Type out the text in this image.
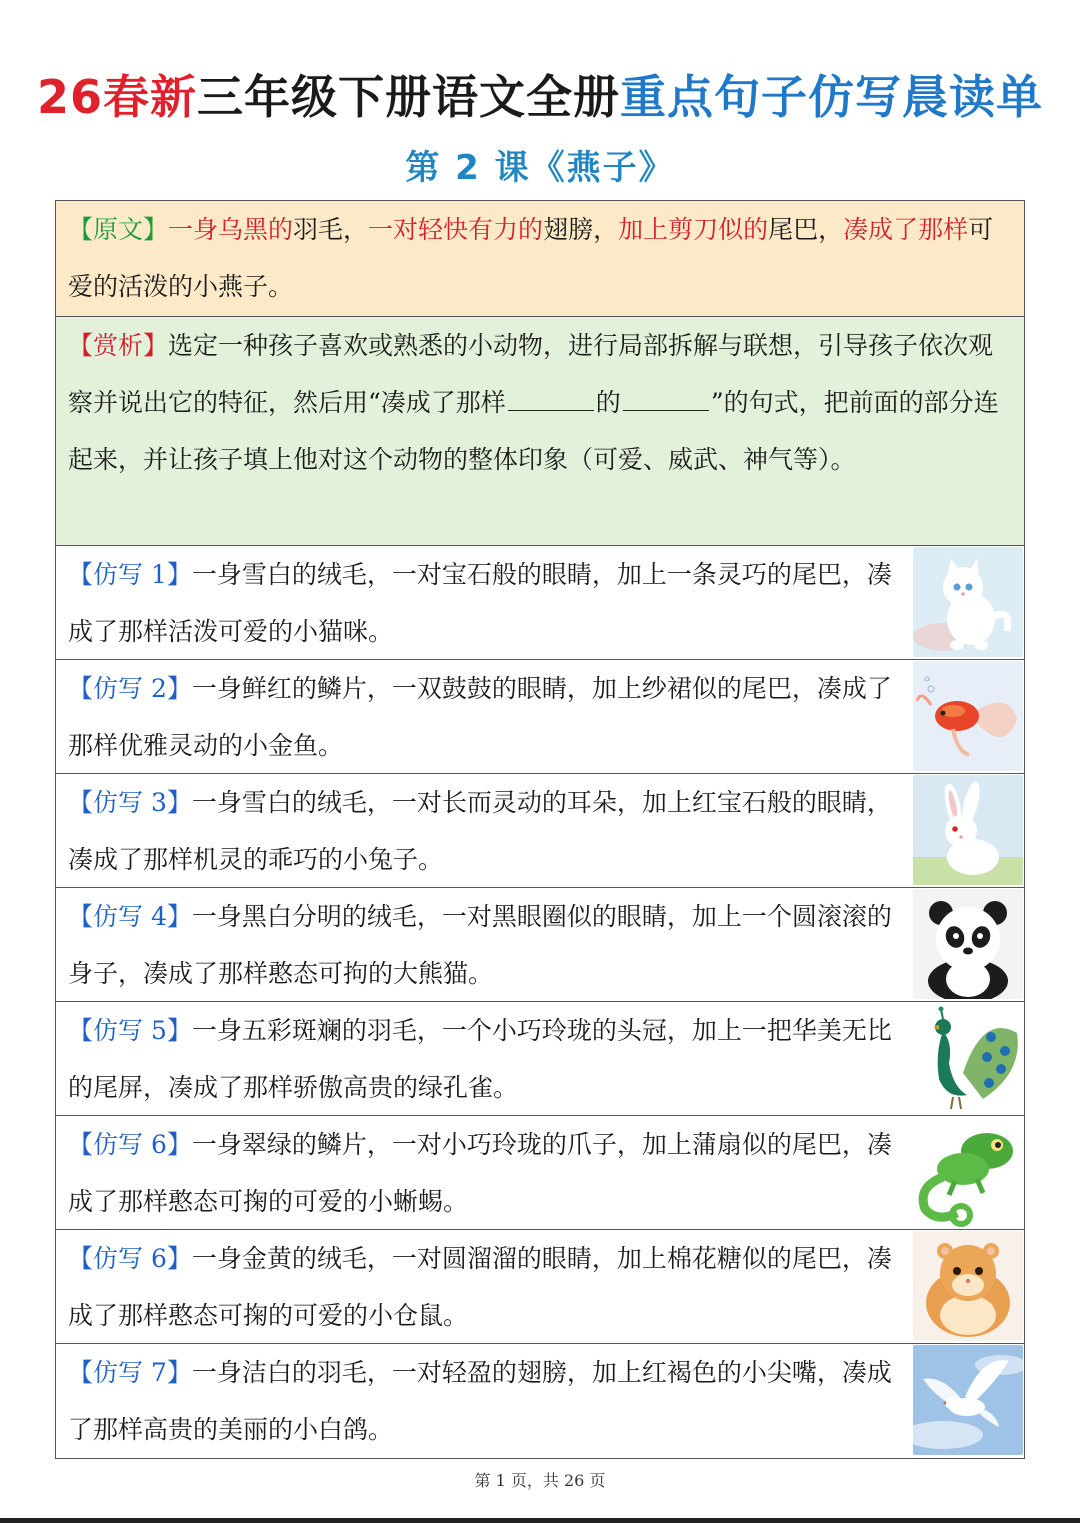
26春新三年级下册语文全册重点句子仿写晨读单
第 2 课《燕子》
【原文】一身乌黑的羽毛，一对轻快有力的翅膀，加上剪刀似的尾巴，凑成了那样可爱的活泼的小燕子。
【赏析】选定一种孩子喜欢或熟悉的小动物，进行局部拆解与联想，引导孩子依次观察并说出它的特征，然后用“凑成了那样	的	”的句式，把前面的部分连起来，并让孩子填上他对这个动物的整体印象（可爱、威武、神气等）。
【仿写 1】一身雪白的绒毛，一对宝石般的眼睛，加上一条灵巧的尾巴，凑成了那样活泼可爱的小猫咪。
【仿写 2】一身鲜红的鳞片，一双鼓鼓的眼睛，加上纱裙似的尾巴，凑成了那样优雅灵动的小金鱼。
【仿写 3】一身雪白的绒毛，一对长而灵动的耳朵，加上红宝石般的眼睛，凑成了那样机灵的乖巧的小兔子。
【仿写 4】一身黑白分明的绒毛，一对黑眼圈似的眼睛，加上一个圆滚滚的身子，凑成了那样憨态可拘的大熊猫。
【仿写 5】一身五彩斑斓的羽毛，一个小巧玲珑的头冠，加上一把华美无比的尾屏，凑成了那样骄傲高贵的绿孔雀。
【仿写 6】一身翠绿的鳞片，一对小巧玲珑的爪子，加上蒲扇似的尾巴，凑成了那样憨态可掬的可爱的小蜥蜴。
【仿写 6】一身金黄的绒毛，一对圆溜溜的眼睛，加上棉花糖似的尾巴，凑成了那样憨态可掬的可爱的小仓鼠。
【仿写 7】一身洁白的羽毛，一对轻盈的翅膀，加上红褐色的小尖嘴，凑成了那样高贵的美丽的小白鸽。
第 1 页，共 26 页
